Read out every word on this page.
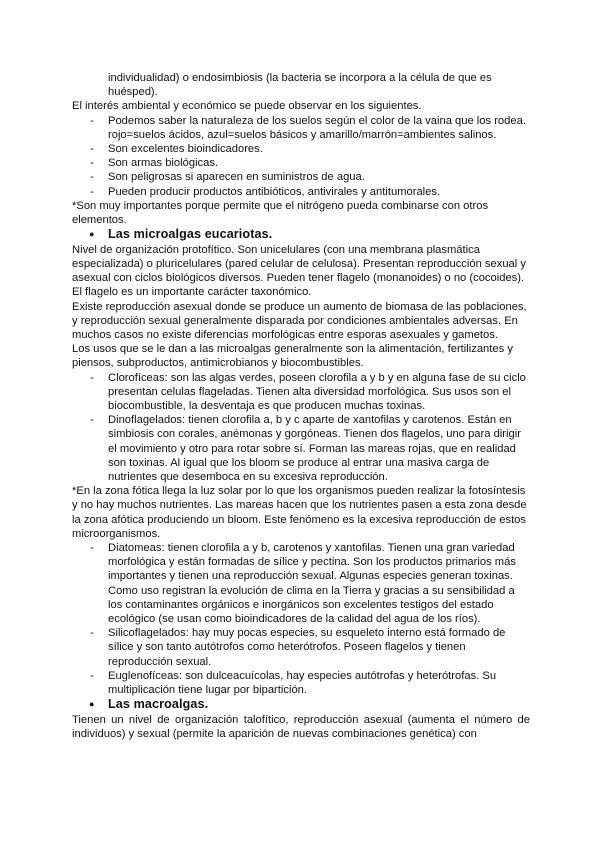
individualidad) o endosimbiosis (la bacteria se incorpora a la célula de que es huésped).

El interés ambiental y económico se puede observar en los siguientes.

- Podemos saber la naturaleza de los suelos según el color de la vaina que los rodea. rojo=suelos ácidos, azul=suelos básicos y amarillo/marrón=ambientes salinos.
- Son excelentes bioindicadores.
- Son armas biológicas.
- Son peligrosas si aparecen en suministros de agua.
- Pueden producir productos antibióticos, antivirales y antitumorales.

*Son muy importantes porque permite que el nitrógeno pueda combinarse con otros elementos.

● Las microalgas eucariotas.

Nivel de organización protofítico. Son unicelulares (con una membrana plasmática especializada) o pluricelulares (pared celular de celulosa). Presentan reproducción sexual y asexual con ciclos biológicos diversos. Pueden tener flagelo (monanoides) o no (cocoides). El flagelo es un importante carácter taxonómico.

Existe reproducción asexual donde se produce un aumento de biomasa de las poblaciones, y reproducción sexual generalmente disparada por condiciones ambientales adversas. En muchos casos no existe diferencias morfológicas entre esporas asexuales y gametos.

Los usos que se le dan a las microalgas generalmente son la alimentación, fertilizantes y piensos, subproductos, antimicrobianos y biocombustibles.

- Clorofíceas: son las algas verdes, poseen clorofila a y b y en alguna fase de su ciclo presentan celulas flageladas. Tienen alta diversidad morfológica. Sus usos son el biocombustible, la desventaja es que producen muchas toxinas.
- Dinoflagelados: tienen clorofila a, b y c aparte de xantofilas y carotenos. Están en simbiosis con corales, anémonas y gorgóneas. Tienen dos flagelos, uno para dirigir el movimiento y otro para rotar sobre sí. Forman las mareas rojas, que en realidad son toxinas. Al igual que los bloom se produce al entrar una masiva carga de nutrientes que desemboca en su excesiva reproducción.

*En la zona fótica llega la luz solar por lo que los organismos pueden realizar la fotosíntesis y no hay muchos nutrientes. Las mareas hacen que los nutrientes pasen a esta zona desde la zona afótica produciendo un bloom. Este fenómeno es la excesiva reproducción de estos microorganismos.

- Diatomeas: tienen clorofila a y b, carotenos y xantofilas. Tienen una gran variedad morfológica y están formadas de sílice y pectina. Son los productos primarios más importantes y tienen una reproducción sexual. Algunas especies generan toxinas. Como uso registran la evolución de clima en la Tierra y gracias a su sensibilidad a los contaminantes orgánicos e inorgánicos son excelentes testigos del estado ecológico (se usan como bioindicadores de la calidad del agua de los ríos).
- Silicoflagelados: hay muy pocas especies, su esqueleto interno está formado de sílice y son tanto autótrofos como heterótrofos. Poseen flagelos y tienen reproducción sexual.
- Euglenofíceas: son dulceacuícolas, hay especies autótrofas y heterótrofas. Su multiplicación tiene lugar por bipartición.
● Las macroalgas.

Tienen un nivel de organización talofítico, reproducción asexual (aumenta el número de individuos) y sexual (permite la aparición de nuevas combinaciones genética) con
